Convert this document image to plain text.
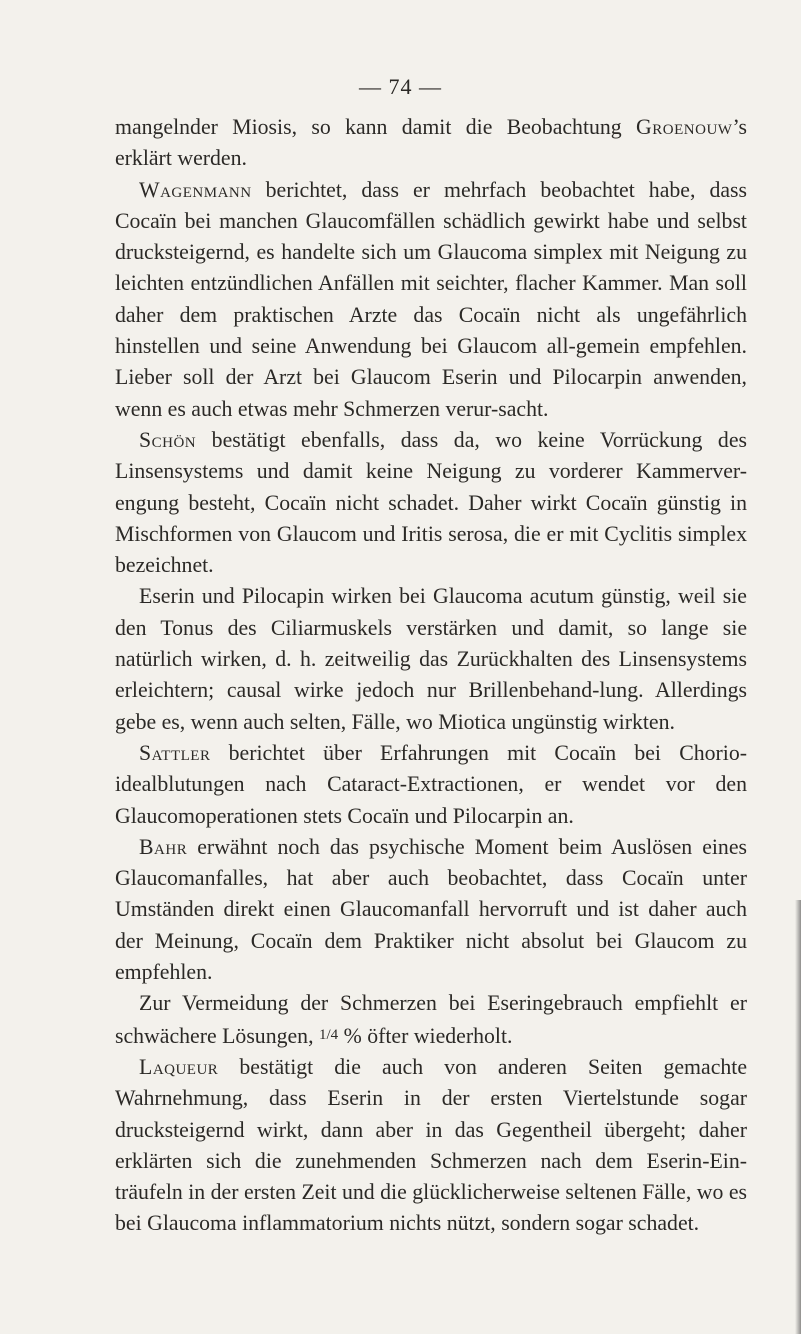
— 74 —

mangelnder Miosis, so kann damit die Beobachtung Groenouw’s erklärt werden.

Wagenmann berichtet, dass er mehrfach beobachtet habe, dass Cocaïn bei manchen Glaucomfällen schädlich gewirkt habe und selbst drucksteigernd, es handelte sich um Glaucoma simplex mit Neigung zu leichten entzündlichen Anfällen mit seichter, flacher Kammer. Man soll daher dem praktischen Arzte das Cocaïn nicht als ungefährlich hinstellen und seine Anwendung bei Glaucom all-gemein empfehlen. Lieber soll der Arzt bei Glaucom Eserin und Pilocarpin anwenden, wenn es auch etwas mehr Schmerzen verur-sacht.

Schön bestätigt ebenfalls, dass da, wo keine Vorrückung des Linsensystems und damit keine Neigung zu vorderer Kammerver-engung besteht, Cocaïn nicht schadet. Daher wirkt Cocaïn günstig in Mischformen von Glaucom und Iritis serosa, die er mit Cyclitis simplex bezeichnet.

Eserin und Pilocapin wirken bei Glaucoma acutum günstig, weil sie den Tonus des Ciliarmuskels verstärken und damit, so lange sie natürlich wirken, d. h. zeitweilig das Zurückhalten des Linsensystems erleichtern; causal wirke jedoch nur Brillenbehand-lung. Allerdings gebe es, wenn auch selten, Fälle, wo Miotica ungünstig wirkten.

Sattler berichtet über Erfahrungen mit Cocaïn bei Chorio-idealblutungen nach Cataract-Extractionen, er wendet vor den Glaucomoperationen stets Cocaïn und Pilocarpin an.

Bahr erwähnt noch das psychische Moment beim Auslösen eines Glaucomanfalles, hat aber auch beobachtet, dass Cocaïn unter Umständen direkt einen Glaucomanfall hervorruft und ist daher auch der Meinung, Cocaïn dem Praktiker nicht absolut bei Glaucom zu empfehlen.

Zur Vermeidung der Schmerzen bei Eseringebrauch empfiehlt er schwächere Lösungen, 1/4 % öfter wiederholt.

Laqueur bestätigt die auch von anderen Seiten gemachte Wahrnehmung, dass Eserin in der ersten Viertelstunde sogar drucksteigernd wirkt, dann aber in das Gegentheil übergeht; daher erklärten sich die zunehmenden Schmerzen nach dem Eserin-Ein-träufeln in der ersten Zeit und die glücklicherweise seltenen Fälle, wo es bei Glaucoma inflammatorium nichts nützt, sondern sogar schadet.
